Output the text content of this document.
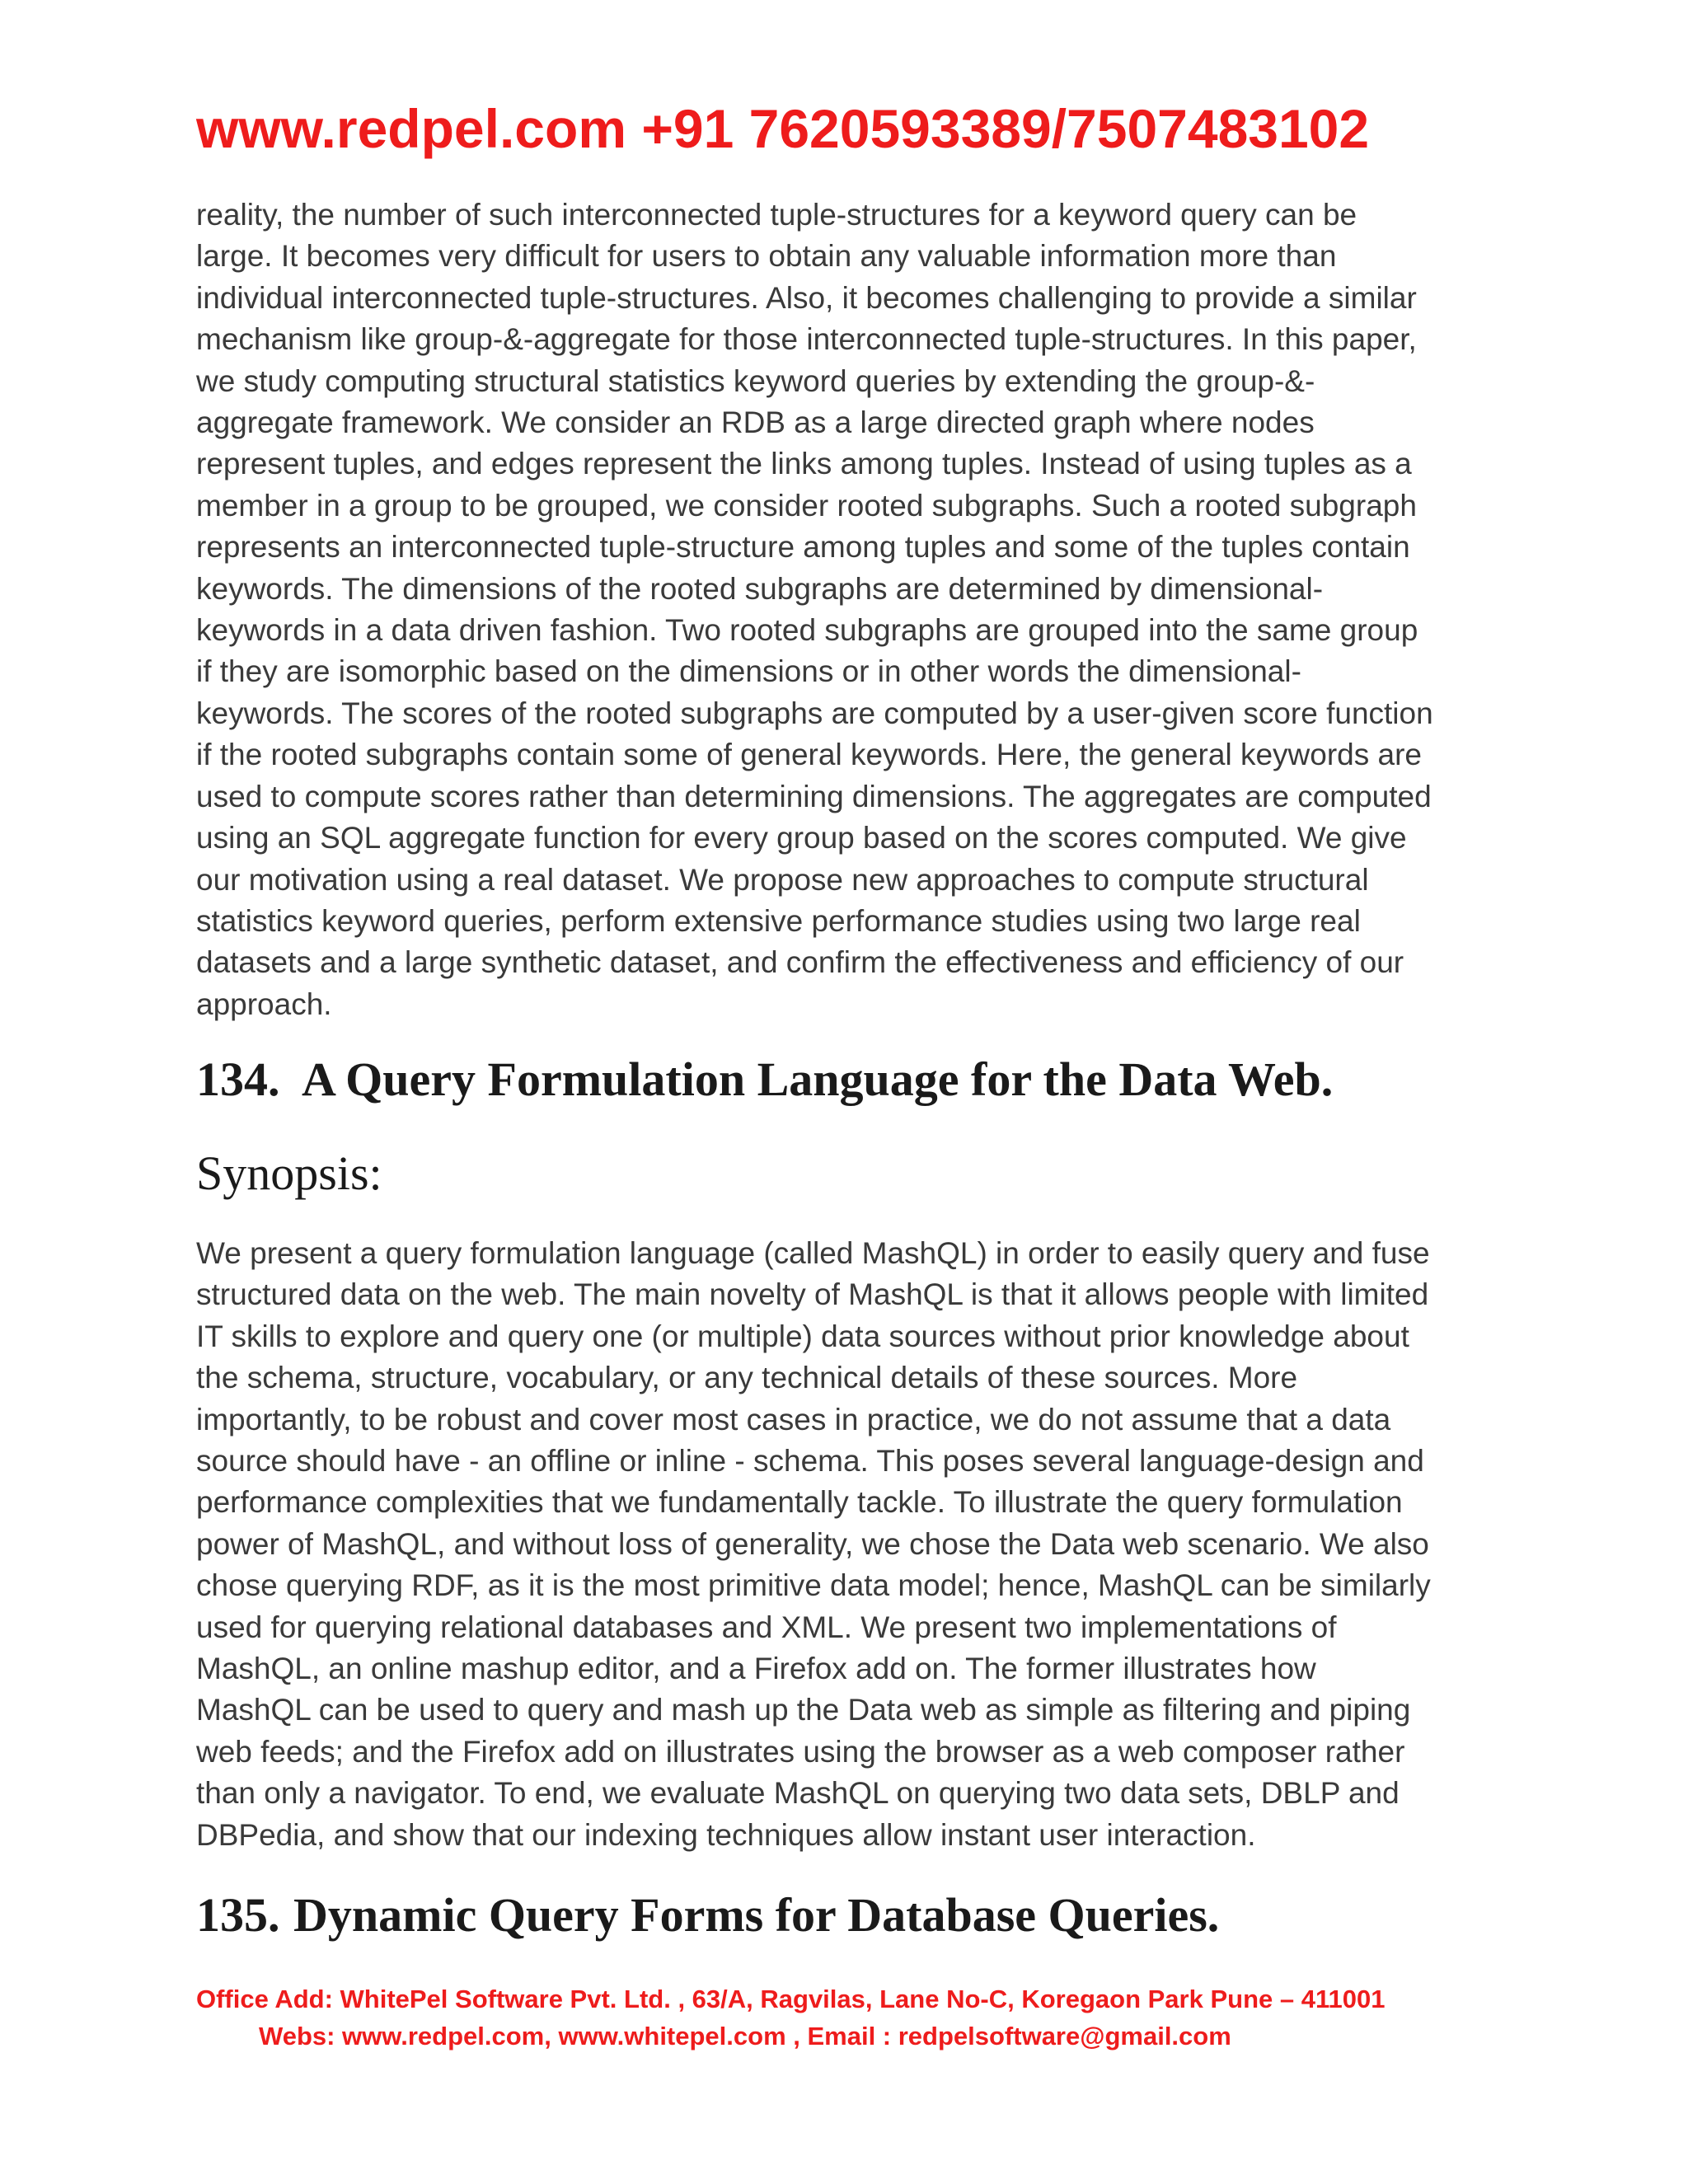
www.redpel.com +91 7620593389/7507483102
reality, the number of such interconnected tuple-structures for a keyword query can be
large. It becomes very difficult for users to obtain any valuable information more than
individual interconnected tuple-structures. Also, it becomes challenging to provide a similar
mechanism like group-&-aggregate for those interconnected tuple-structures. In this paper,
we study computing structural statistics keyword queries by extending the group-&-
aggregate framework. We consider an RDB as a large directed graph where nodes
represent tuples, and edges represent the links among tuples. Instead of using tuples as a
member in a group to be grouped, we consider rooted subgraphs. Such a rooted subgraph
represents an interconnected tuple-structure among tuples and some of the tuples contain
keywords. The dimensions of the rooted subgraphs are determined by dimensional-
keywords in a data driven fashion. Two rooted subgraphs are grouped into the same group
if they are isomorphic based on the dimensions or in other words the dimensional-
keywords. The scores of the rooted subgraphs are computed by a user-given score function
if the rooted subgraphs contain some of general keywords. Here, the general keywords are
used to compute scores rather than determining dimensions. The aggregates are computed
using an SQL aggregate function for every group based on the scores computed. We give
our motivation using a real dataset. We propose new approaches to compute structural
statistics keyword queries, perform extensive performance studies using two large real
datasets and a large synthetic dataset, and confirm the effectiveness and efficiency of our
approach.
134. A Query Formulation Language for the Data Web.
Synopsis:
We present a query formulation language (called MashQL) in order to easily query and fuse
structured data on the web. The main novelty of MashQL is that it allows people with limited
IT skills to explore and query one (or multiple) data sources without prior knowledge about
the schema, structure, vocabulary, or any technical details of these sources. More
importantly, to be robust and cover most cases in practice, we do not assume that a data
source should have - an offline or inline - schema. This poses several language-design and
performance complexities that we fundamentally tackle. To illustrate the query formulation
power of MashQL, and without loss of generality, we chose the Data web scenario. We also
chose querying RDF, as it is the most primitive data model; hence, MashQL can be similarly
used for querying relational databases and XML. We present two implementations of
MashQL, an online mashup editor, and a Firefox add on. The former illustrates how
MashQL can be used to query and mash up the Data web as simple as filtering and piping
web feeds; and the Firefox add on illustrates using the browser as a web composer rather
than only a navigator. To end, we evaluate MashQL on querying two data sets, DBLP and
DBPedia, and show that our indexing techniques allow instant user interaction.
135. Dynamic Query Forms for Database Queries.
Office Add: WhitePel Software Pvt. Ltd. , 63/A, Ragvilas, Lane No-C, Koregaon Park Pune – 411001
Webs: www.redpel.com, www.whitepel.com , Email : redpelsoftware@gmail.com
